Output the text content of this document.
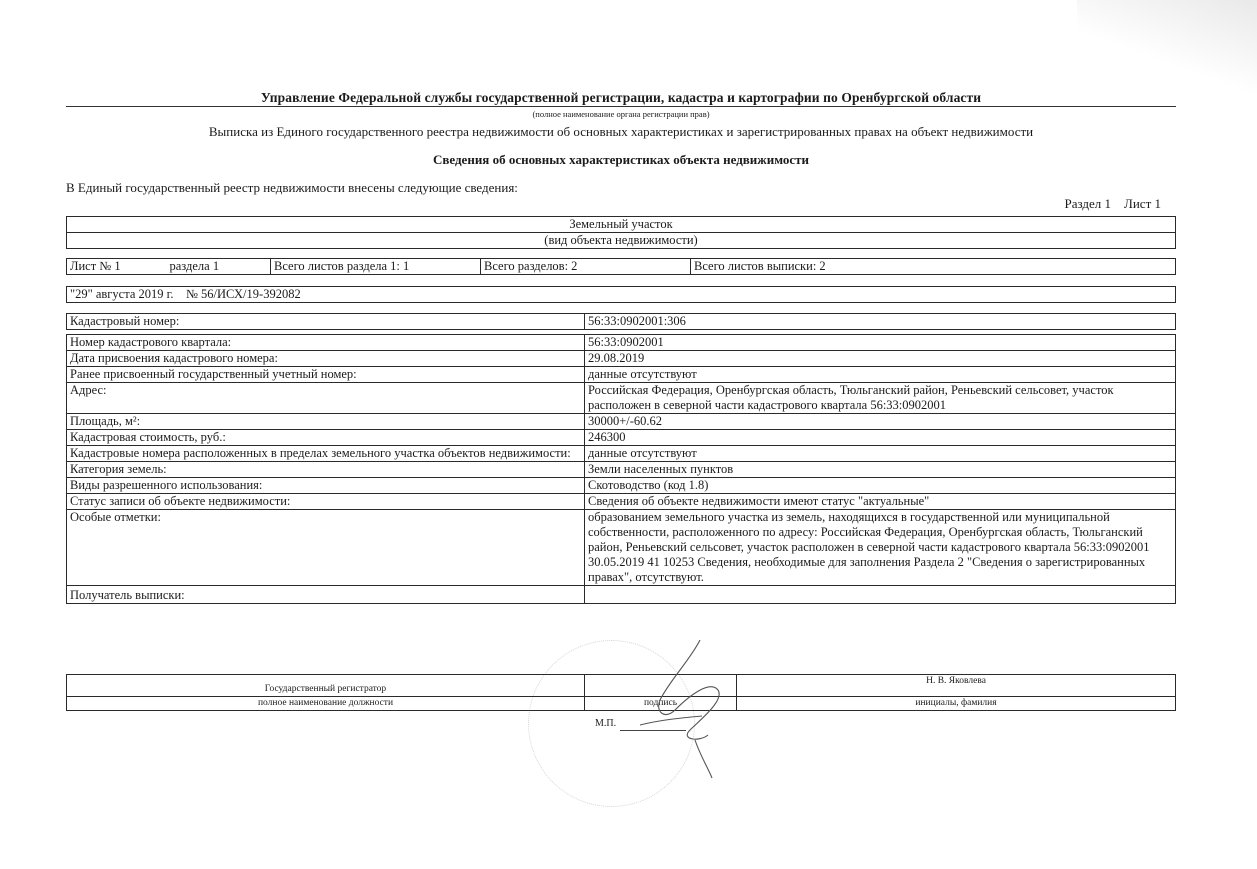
Управление Федеральной службы государственной регистрации, кадастра и картографии по Оренбургской области
(полное наименование органа регистрации прав)
Выписка из Единого государственного реестра недвижимости об основных характеристиках и зарегистрированных правах на объект недвижимости
Сведения об основных характеристиках объекта недвижимости
В Единый государственный реестр недвижимости внесены следующие сведения:
Раздел 1    Лист 1
Земельный участок
(вид объекта недвижимости)
Лист № 1	раздела 1	Всего листов раздела 1: 1	Всего разделов: 2	Всего листов выписки: 2
"29" августа 2019 г.    № 56/ИСХ/19-392082
Кадастровый номер:	56:33:0902001:306
Номер кадастрового квартала:	56:33:0902001
Дата присвоения кадастрового номера:	29.08.2019
Ранее присвоенный государственный учетный номер:	данные отсутствуют
Адрес:	Российская Федерация, Оренбургская область, Тюльганский район, Реньевский сельсовет, участок расположен в северной части кадастрового квартала 56:33:0902001
Площадь, м²:	30000+/-60.62
Кадастровая стоимость, руб.:	246300
Кадастровые номера расположенных в пределах земельного участка объектов недвижимости:	данные отсутствуют
Категория земель:	Земли населенных пунктов
Виды разрешенного использования:	Скотоводство (код 1.8)
Статус записи об объекте недвижимости:	Сведения об объекте недвижимости имеют статус "актуальные"
Особые отметки:	образованием земельного участка из земель, находящихся в государственной или муниципальной собственности, расположенного по адресу: Российская Федерация, Оренбургская область, Тюльганский район, Реньевский сельсовет, участок расположен в северной части кадастрового квартала 56:33:0902001 30.05.2019 41 10253 Сведения, необходимые для заполнения Раздела 2 "Сведения о зарегистрированных правах", отсутствуют.
Получатель выписки:	
Государственный регистратор		Н. В. Яковлева
полное наименование должности	подпись	инициалы, фамилия
М.П.
